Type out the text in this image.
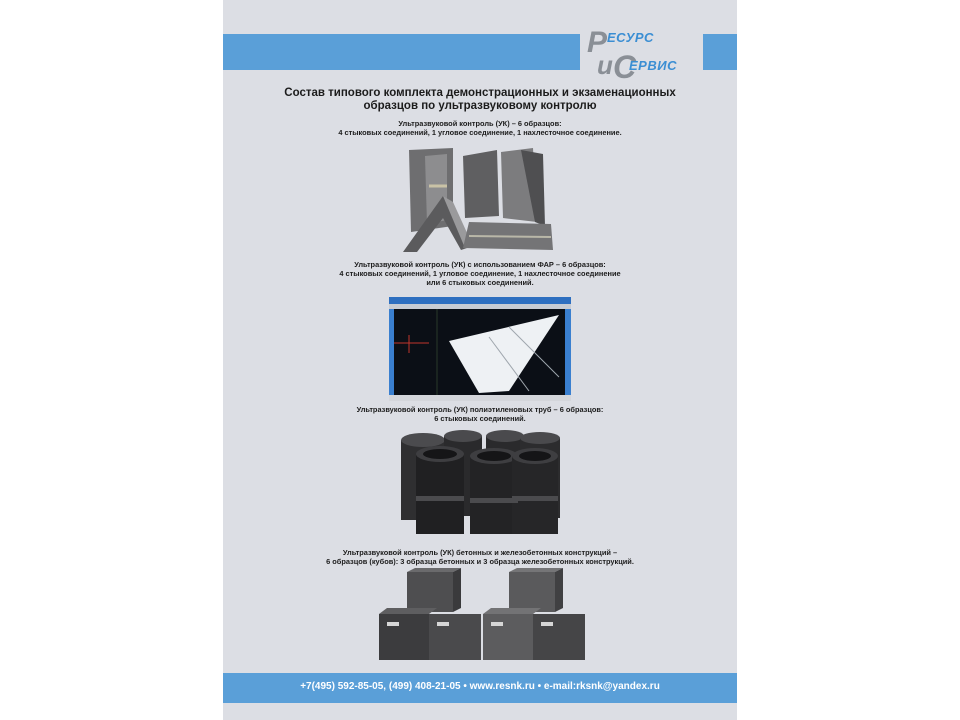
Р
и С
ЕСУРС
ЕРВИС
Состав типового комплекта демонстрационных и экзаменационных
образцов по ультразвуковому контролю
Ультразвуковой контроль (УК) – 6 образцов:
4 стыковых соединений, 1 угловое соединение, 1 нахлесточное соединение.
Ультразвуковой контроль (УК) с использованием ФАР – 6 образцов:
4 стыковых соединений, 1 угловое соединение, 1 нахлесточное соединение
или 6 стыковых соединений.
Ультразвуковой контроль (УК) полиэтиленовых труб – 6 образцов:
6 стыковых соединений.
Ультразвуковой контроль (УК) бетонных и железобетонных конструкций –
6 образцов (кубов): 3 образца бетонных и 3 образца железобетонных конструкций.
+7(495) 592-85-05, (499) 408-21-05 • www.resnk.ru • e-mail:rksnk@yandex.ru
